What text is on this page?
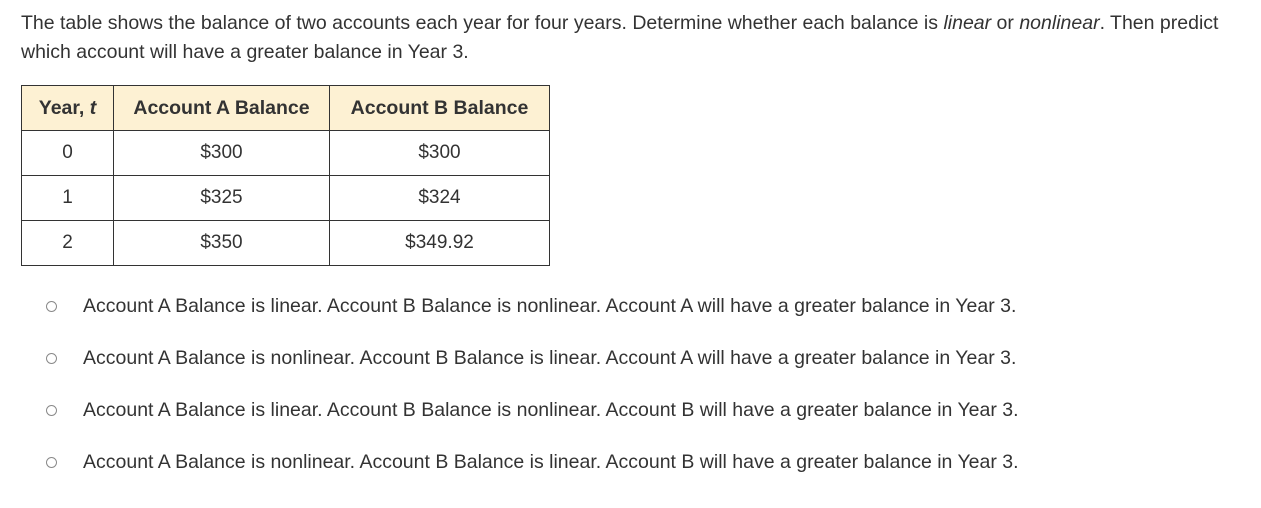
The table shows the balance of two accounts each year for four years. Determine whether each balance is linear or nonlinear. Then predict which account will have a greater balance in Year 3.
Year, t	Account A Balance	Account B Balance
0	$300	$300
1	$325	$324
2	$350	$349.92
Account A Balance is linear. Account B Balance is nonlinear. Account A will have a greater balance in Year 3.
Account A Balance is nonlinear. Account B Balance is linear. Account A will have a greater balance in Year 3.
Account A Balance is linear. Account B Balance is nonlinear. Account B will have a greater balance in Year 3.
Account A Balance is nonlinear. Account B Balance is linear. Account B will have a greater balance in Year 3.
